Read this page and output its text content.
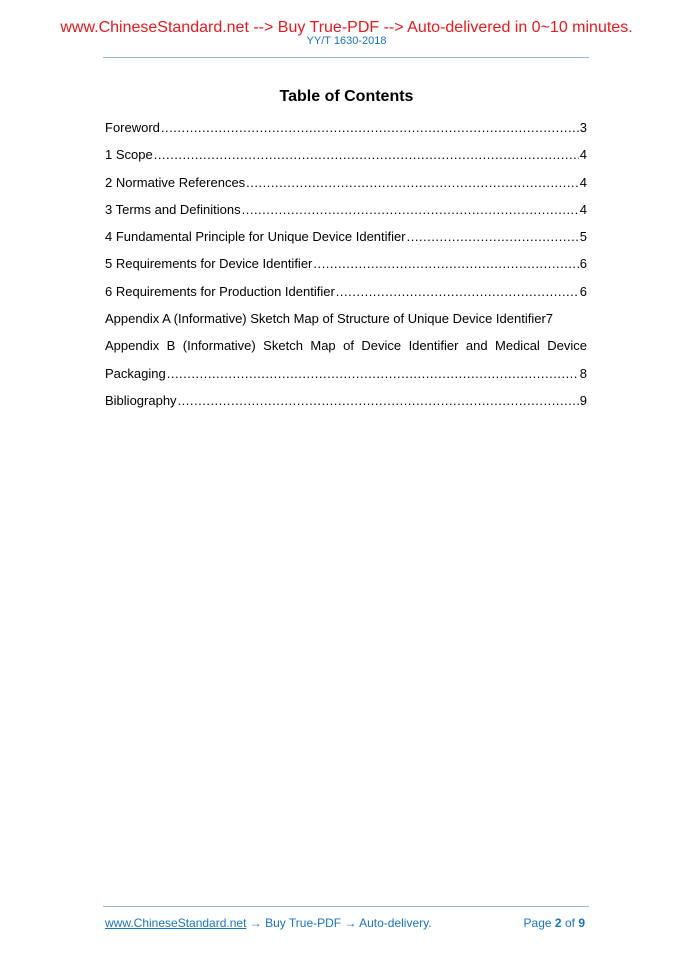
www.ChineseStandard.net --> Buy True-PDF --> Auto-delivered in 0~10 minutes.
YY/T 1630-2018
Table of Contents
Foreword .....	3
1 Scope .....	4
2 Normative References .....	4
3 Terms and Definitions .....	4
4 Fundamental Principle for Unique Device Identifier .....	5
5 Requirements for Device Identifier .....	6
6 Requirements for Production Identifier .....	6
Appendix A (Informative) Sketch Map of Structure of Unique Device Identifier 7
Appendix B (Informative) Sketch Map of Device Identifier and Medical Device
Packaging .....	8
Bibliography .....	9
www.ChineseStandard.net → Buy True-PDF → Auto-delivery.	Page 2 of 9
